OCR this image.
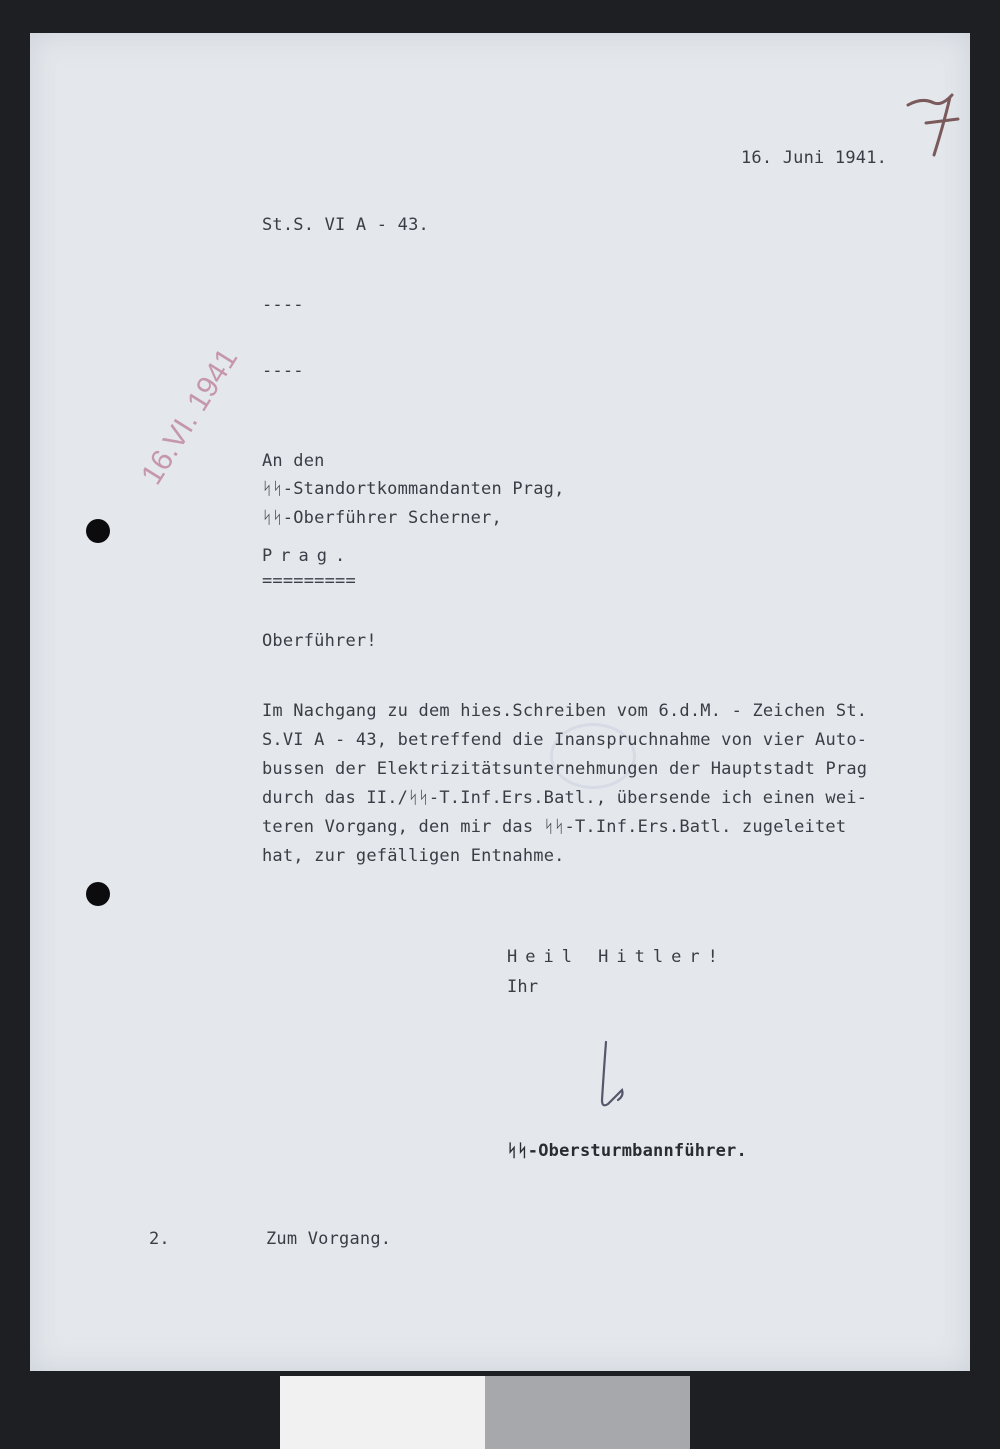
16. Juni 1941.

St.S. VI A - 43.

----

----

16.VI. 1941 An den

ᛋᛋ-Standortkommandanten Prag,

ᛋᛋ-Oberführer Scherner,

Prag.

=========

Oberführer!

Im Nachgang zu dem hies.Schreiben vom 6.d.M. - Zeichen St.

S.VI A - 43, betreffend die Inanspruchnahme von vier Auto-

bussen der Elektrizitätsunternehmungen der Hauptstadt Prag

durch das II./ᛋᛋ-T.Inf.Ers.Batl., übersende ich einen wei-

teren Vorgang, den mir das ᛋᛋ-T.Inf.Ers.Batl. zugeleitet

hat, zur gefälligen Entnahme.

Heil Hitler!

Ihr

ᛋᛋ-Obersturmbannführer.

2.	Zum Vorgang.
